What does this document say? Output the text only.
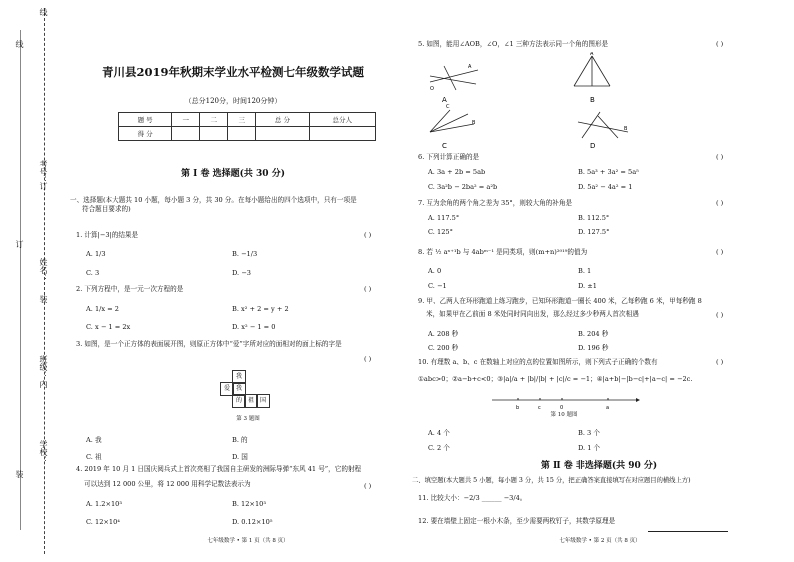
线
订
装
内
线
订
装
考号：
姓名：
班级：
学校：
青川县2019年秋期末学业水平检测七年级数学试题
（总分120分，时间120分钟）
题 号	一	二	三	总 分	总分人
得 分					
第 Ⅰ 卷 选择题(共 30 分)
一、选择题(本大题共 10 小题，每小题 3 分，共 30 分。在每小题给出的四个选项中，只有一项是
符合题目要求的)
1. 计算|−3|的结果是	( )
A. 1/3	B. −1/3
C. 3	D. −3
2. 下列方程中，是一元一次方程的是	( )
A. 1/x = 2	B. x² + 2 = y + 2
C. x − 1 = 2x	D. x² − 1 = 0
3. 如图，是一个正方体的表面展开图，则原正方体中“爱”字所对应的面相对的面上标的字是
( )
我
爱 我
的 祖 国
第 3 题图
A. 我	B. 的
C. 祖	D. 国
4. 2019 年 10 月 1 日国庆阅兵式上首次亮相了我国自主研发的洲际导弹“东风 41 号”，它的射程
可以达到 12 000 公里，将 12 000 用科学记数法表示为	( )
A. 1.2×10³	B. 12×10³
C. 12×10⁴	D. 0.12×10⁵
七年级数学 • 第 1 页（共 8 页）
5. 如图，能用∠AOB，∠O，∠1 三种方法表示同一个角的图形是	( )
O
A
A
A
B
C
B
C
B
D
6. 下列计算正确的是	( )
A. 3a + 2b = 5ab	B. 5a³ + 3a² = 5a⁵
C. 3a²b − 2ba² = a²b	D. 5a² − 4a² = 1
7. 互为余角的两个角之差为 35°，则较大角的补角是	( )
A. 117.5°	B. 112.5°
C. 125°	D. 127.5°
8. 若 ½ aⁿ⁺¹b 与 4abᵐ⁻¹ 是同类项，则(m+n)²⁰¹⁹的值为	( )
A. 0	B. 1
C. −1	D. ±1
9. 甲、乙两人在环形跑道上练习跑步，已知环形跑道一圈长 400 米，乙每秒跑 6 米，甲每秒跑 8
米，如果甲在乙前面 8 米处同时同向出发，那么经过多少秒两人首次相遇	( )
A. 208 秒	B. 204 秒
C. 200 秒	D. 196 秒
10. 有理数 a、b、c 在数轴上对应的点的位置如图所示，则下列式子正确的个数有	( )
①abc>0；②a−b+c<0；③|a|/a + |b|/|b| + |c|/c = −1；④|a+b|−|b−c|+|a−c| = −2c.
b	c	0	a
第 10 题图
A. 4 个	B. 3 个
C. 2 个	D. 1 个
第 Ⅱ 卷 非选择题(共 90 分)
二、填空题(本大题共 5 小题，每小题 3 分，共 15 分，把正确答案直接填写在对应题目的横线上方)
11. 比较大小：−2/3 ______ −3/4。
12. 要在墙壁上固定一根小木条，至少需要两枚钉子，其数学原理是
七年级数学 • 第 2 页（共 8 页）
